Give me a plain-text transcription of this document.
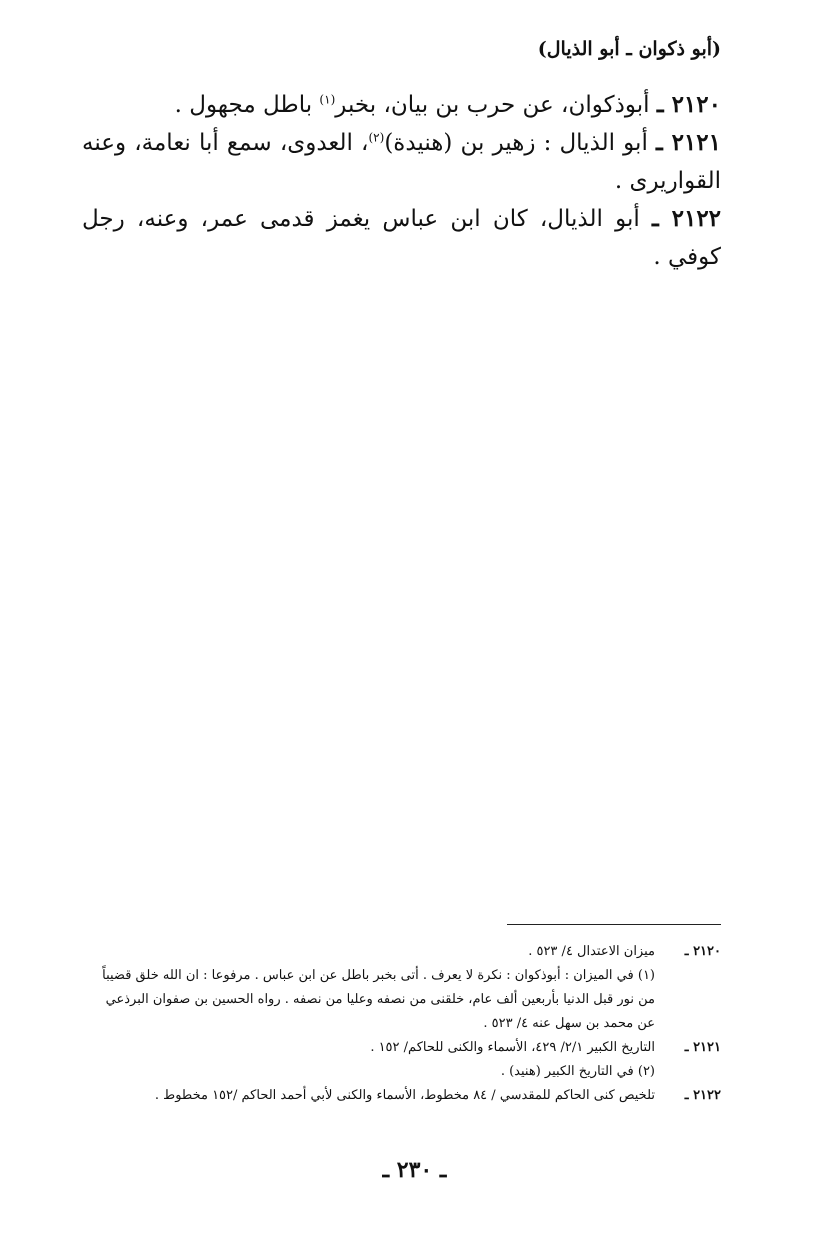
(أبو ذكوان ـ أبو الذيال)
٢١٢٠ ـ أبوذكوان، عن حرب بن بيان، بخبر$^{(١)}$ باطل مجهول .
٢١٢١ ـ أبو الذيال : زهير بن (هنيدة)$^{(٢)}$، العدوى، سمع أبا نعامة، وعنه القواريرى .
٢١٢٢ ـ أبو الذيال، كان ابن عباس يغمز قدمى عمر، وعنه، رجل كوفي .
٢١٢٠ ـ
ميزان الاعتدال ٤/ ٥٢٣ .
(١) في الميزان : أبوذكوان : نكرة لا يعرف . أتى بخبر باطل عن ابن عباس . مرفوعا : ان الله خلق قضيباً
من نور قبل الدنيا بأربعين ألف عام، خلقنى من نصفه وعليا من نصفه . رواه الحسين بن صفوان البرذعي
عن محمد بن سهل عنه ٤/ ٥٢٣ .
٢١٢١ ـ
التاريخ الكبير ٢/١/ ٤٢٩، الأسماء والكنى للحاكم/ ١٥٢ .
(٢) في التاريخ الكبير (هنيد) .
٢١٢٢ ـ
تلخيص كنى الحاكم للمقدسي / ٨٤ مخطوط، الأسماء والكنى لأبي أحمد الحاكم /١٥٢ مخطوط .
ـ ٢٣٠ ـ
